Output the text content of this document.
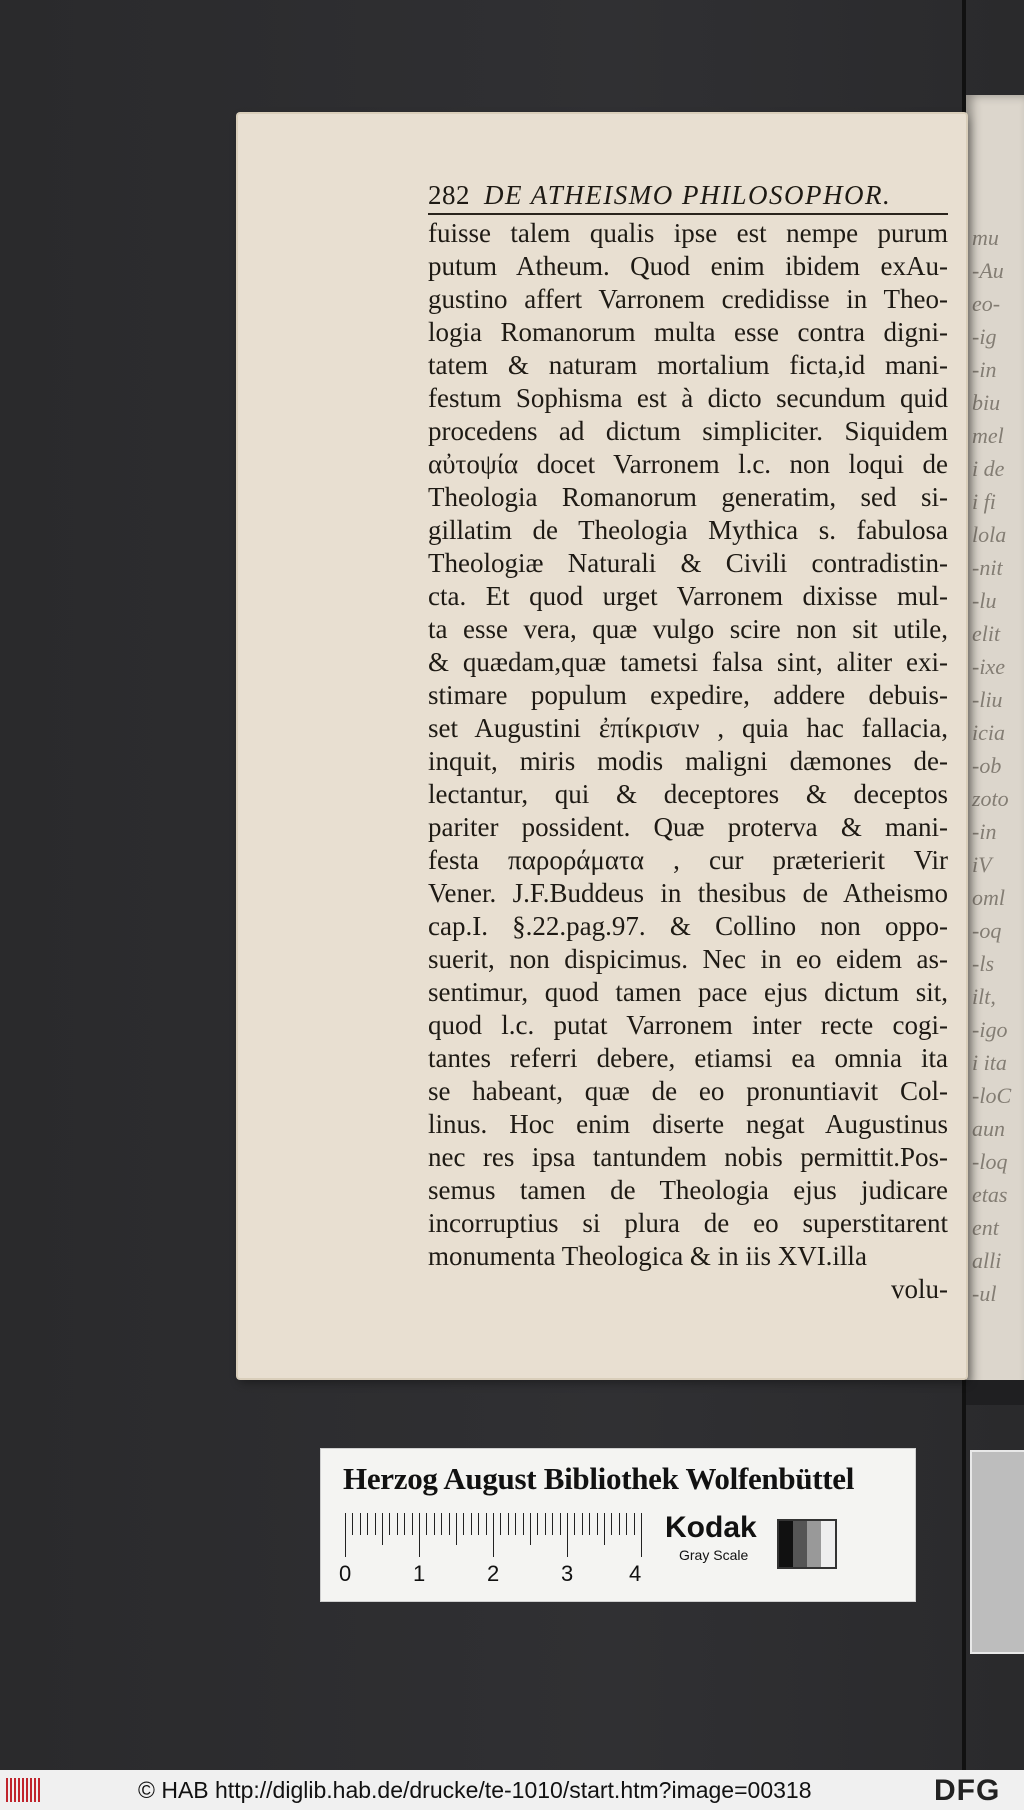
mu
-Au
eo-
-ig
-in
biu
mel
i de
i fi
lola
-nit
-lu
elit
-ixe
-liu
icia
-ob
zoto
-in
iV
oml
-oq
-ls
ilt,
-igo
i ita
-loC
aun
-loq
etas
ent
alli
-ul
282 DE ATHEISMO PHILOSOPHOR.
fuisse talem qualis ipse est nempe purum
putum Atheum. Quod enim ibidem exAu-
gustino affert Varronem credidisse in Theo-
logia Romanorum multa esse contra digni-
tatem & naturam mortalium ficta,id mani-
festum Sophisma est à dicto secundum quid
procedens ad dictum simpliciter. Siquidem
αὐτοψία docet Varronem l.c. non loqui de
Theologia Romanorum generatim, sed si-
gillatim de Theologia Mythica s. fabulosa
Theologiæ Naturali & Civili contradistin-
cta. Et quod urget Varronem dixisse mul-
ta esse vera, quæ vulgo scire non sit utile,
& quædam,quæ tametsi falsa sint, aliter exi-
stimare populum expedire, addere debuis-
set Augustini ἐπίκρισιν , quia hac fallacia,
inquit, miris modis maligni dæmones de-
lectantur, qui & deceptores & deceptos
pariter possident. Quæ proterva & mani-
festa παροράματα , cur præterierit Vir
Vener. J.F.Buddeus in thesibus de Atheismo
cap.I. §.22.pag.97. & Collino non oppo-
suerit, non dispicimus. Nec in eo eidem as-
sentimur, quod tamen pace ejus dictum sit,
quod l.c. putat Varronem inter recte cogi-
tantes referri debere, etiamsi ea omnia ita
se habeant, quæ de eo pronuntiavit Col-
linus. Hoc enim diserte negat Augustinus
nec res ipsa tantundem nobis permittit.Pos-
semus tamen de Theologia ejus judicare
incorruptius si plura de eo superstitarent
monumenta Theologica & in iis XVI.illa
volu-
Herzog August Bibliothek Wolfenbüttel
0	1	2	3	4
Kodak
Gray Scale
© HAB http://diglib.hab.de/drucke/te-1010/start.htm?image=00318	DFG
